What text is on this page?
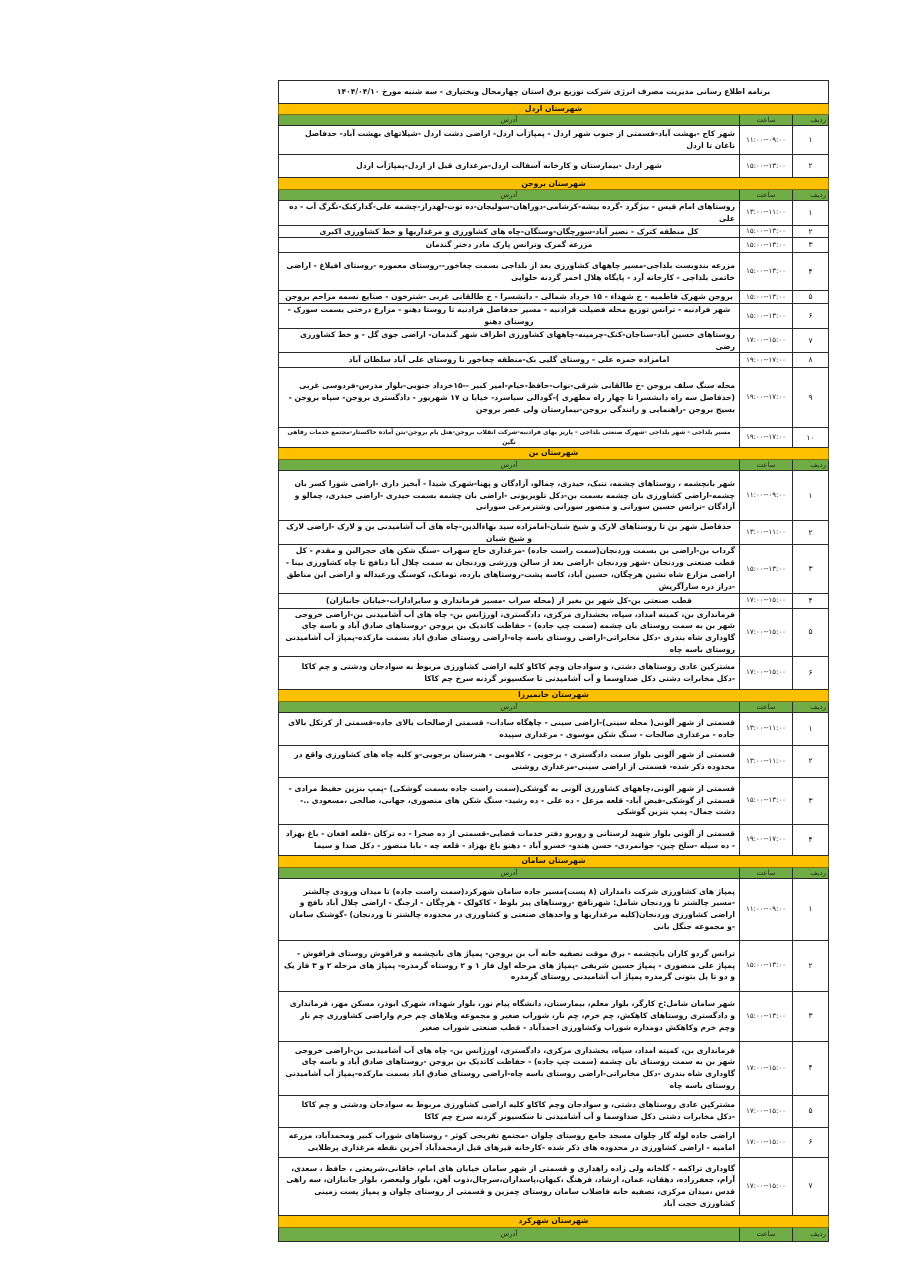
برنامه اطلاع رسانی مدیریت مصرف انرژی شرکت توزیع برق استان چهارمحال وبختیاری - سه شنبه مورخ ۱۴۰۴/۰۴/۱۰		
شهرستان اردل		
ردیف	ساعت	آدرس
۱	۰۹:۰۰--۱۱:۰۰	شهر کاج -بهشت آباد-قسمتی از جنوب شهر اردل - پمپاژآب اردل- اراضی دشت اردل -شیلاتهای بهشت آباد- حدفاصل ناغان تا اردل
۲	۱۳:۰۰--۱۵:۰۰	شهر اردل -بیمارستان و کارخانه آسفالت اردل-مرغداری قبل از اردل-پمپاژآب اردل
شهرستان بروجن		
ردیف	ساعت	آدرس
۱	۱۱:۰۰--۱۳:۰۰	روستاهای امام قیس - بیژگرد -گرده بیشه-کرشامی-دوراهان-سولیجان-ده توت-لهدراز-چشمه علی-گدارکبک-تگرگ آب - ده علی
۲	۱۳:۰۰--۱۵:۰۰	کل منطقه کترک - نصیر آباد-سورچگان-وستگان-چاه های کشاورزی و مرغداریها و خط کشاورزی اکبری
۳	۱۳:۰۰--۱۵:۰۰	مزرعه گمرک وترانس پارک مادر دختر گندمان
۴	۱۳:۰۰--۱۵:۰۰	مزرعه بندوبست بلداجی-مسیر چاههای کشاورزی بعد از بلداجی بسمت چغاخور--روستای معموره -روستای افیلاغ - اراضی خاتمی بلداجی - کارخانه آرد - پایگاه هلال احمر گردنه حلوایی
۵	۱۳:۰۰--۱۵:۰۰	بروجن شهرک فاطمیه - خ شهداء - ۱۵ خرداد شمالی - دانشسرا - خ طالقانی غربی -شترخون - صنایع نسمه مزاحم بروجن
۶	۱۳:۰۰--۱۵:۰۰	شهر فرادنبه - ترانس توزیع محله فضیلت فرادنبه - مسیر حدفاصل فرادنبه تا روستا دهنو - مزارع درختی بسمت سورک - روستای دهنو
۷	۱۵:۰۰--۱۷:۰۰	روستاهای حسین آباد-سناجان-کنک-چرمینه-چاههای کشاورزی اطراف شهر گندمان- اراضی جوی گل - و خط کشاورزی رضی
۸	۱۷:۰۰--۱۹:۰۰	امامزاده حمزه علی - روستای گلیی بک-منطقه چغاخور تا روستای علی آباد سلطان آباد
۹	۱۷:۰۰--۱۹:۰۰	محله سنگ سلف بروجن -خ طالقانی شرقی-نواب-حافظ-خیام-امیر کبیر --۱۵خرداد جنوبی-بلوار مدرس-فردوسی غربی (حدفاصل سه راه دانشسرا تا چهار راه مطهری )-گودالی سباسرد- خیابا ن ۱۷ شهریور - دادگستری بروجن- سپاه بروجن - بسیج بروجن -راهنمایی و رانندگی بروجن-بیمارستان ولی عصر بروجن
۱۰	۱۷:۰۰--۱۹:۰۰	مسیر بلداجی - شهر بلداجی -شهرک صنعتی بلداجی - پاریز بهای فرادنبه-شرکت انقلاب بروجن-هتل پام بروجن-بتن آماده خاکستار-مجتمع خدمات رفاهی نگین
شهرستان بن		
ردیف	ساعت	آدرس
۱	۰۹:۰۰--۱۱:۰۰	شهر بانچشمه ، روستاهای چشمه، تنبک، حیدری، چمالو، آزادگان و پهنا-شهرک شیدا - آبخیز داری -اراضی شورا کسر بان چشمه-اراضی کشاورزی بان چشمه بسمت بن-دکل تلویزیونی -اراضی بان چشمه بسمت حیدری -اراضی حیدری، چمالو و آزادگان -ترانس حسین سورانی و منصور سورانی وشترمرغی سورانی
۲	۱۱:۰۰--۱۳:۰۰	حدفاصل شهر بن تا روستاهای لارک و شیخ شبان-امامزاده سید بهاءالدین-چاه های آب آشامیدنی بن و لارک -اراضی لارک و شیخ شبان
۳	۱۳:۰۰--۱۵:۰۰	گرداب بن-اراضی بن بسمت وردنجان(سمت راست جاده) -مرغداری حاج سهراب -سنگ شکن های حجرالبن و مقدم - کل قطب صنعتی وردنجان -شهر وردنجان -اراضی بعد از سالن ورزشی وردنجان به سمت چلال آبا دنافچ تا چاه کشاورزی بینا - اراضی مزارع شاه نشین هرچگان، حسین آباد، کاسه پشت-روستاهای بارده، تومانک، کوسنگ ورعیداله و اراضی این مناطق -دراز دره سارآگریش
۴	۱۵:۰۰--۱۷:۰۰	قطب صنعتی بن-کل شهر بن بغیر از (محله سراب -مسیر فرمانداری و سایرادارات-خیابان جانبازان)
۵	۱۵:۰۰--۱۷:۰۰	فرمانداری بن، کمیته امداد، سپاه، بخشداری مرکزی، دادگستری، اورژانس بن- چاه های آب آشامیدنی بن-اراضی خروجی شهر بن به سمت روستای بان چشمه (سمت چپ جاده) - حفاظت کاتدیک بن بروجن -روستاهای صادق آباد و باسه چای گاوداری شاه بندری -دکل مخابراتی-اراضی روستای باسه چاه-اراضی روستای صادق اباد بسمت مارکده-پمپاژ آب آشامیدنی روستای باسه چاه
۶	۱۵:۰۰--۱۷:۰۰	مشترکین عادی روستاهای دشتی، و سوادجان وچم کاکاو کلیه اراضی کشاورزی مربوط به سوادجان ودشتی و چم کاکا -دکل مخابرات دشتی دکل صداوسما و آب آشامیدنی تا سکسیونر گردنه سرخ چم کاکا
شهرستان خانمیرزا		
ردیف	ساعت	آدرس
۱	۱۱:۰۰--۱۳:۰۰	قسمتی از شهر آلونی( محله سینی)-اراضی سینی - چاهگاه سادات- قسمتی ازصالحات بالای جاده-قسمتی از کرتکل بالای جاده - مرغداری صالحات - سنگ شکن موسوی - مرغداری سپیده
۲	۱۱:۰۰--۱۳:۰۰	قسمتی از شهر آلونی بلوار سمت دادگستری - برجویی - کلاموبی - هنرستان برجویی-و کلیه چاه های کشاورزی واقع در محدوده ذکر شده- قسمتی از اراضی سینی-مرغداری روشنی
۳	۱۳:۰۰--۱۵:۰۰	قسمتی از شهر آلونی،چاههای کشاورزی آلونی به گوشکی(سمت راست جاده بسمت گوشکی) -پمپ بنزین حفیظ مرادی - قسمتی از گوشکی-فیض آباد- قلعه مزعل - ده علی - ده رشید- سنگ شکن های منصوری، جهانی، صالحی ،مسعودی ..- دشت جمال- پمپ بنزین گوشکی
۴	۱۷:۰۰--۱۹:۰۰	قسمتی از آلونی بلوار شهید لرستانی و روبرو دفتر خدمات قضایی-قسمتی از ده صحرا - ده ترکان -قلعه افغان - باغ بهزاد - ده سیله -سلح چین- جوانمردی- حسن هندو- خسرو آباد - دهنو باغ بهزاد - قلعه چه - بابا منصور - دکل صدا و سیما
شهرستان سامان		
ردیف	ساعت	آدرس
۱	۰۹:۰۰--۱۱:۰۰	پمپاژ های کشاورزی شرکت دامداران (۸ پست)مسیر جاده سامان شهرکرد(سمت راست جاده) تا میدان ورودی چالشتر -مسیر چالشتر تا وردنجان شامل: شهرنافچ -روستاهای پیر بلوط - کاکولک - هرچگان - ارجنگ - اراضی چلال آباد نافچ و اراضی کشاورزی وردنجان(کلیه مرغداریها و واحدهای صنعتی و کشاورزی در محدوده چالشتر تا وردنجان) -گوشتک سامان -و مجموعه جنگل بانی
۲	۱۳:۰۰--۱۵:۰۰	ترانس گردو کاران بانچشمه - برق موقت تصفیه خانه آب بن بروجن- پمپاژ های بانچشمه و فرافوش روستای فرافوش - پمپاژ علی منصوری - پمپاژ حسین شریفی -پمپاژ های مرحله اول فاز ۱ و ۲ روستاه گرمدره- پمپاژ های مرحله ۲ و ۳ فاز یک و دو تا پل بتونی گرمدره پمپاژ آب آشامیدنی روستای گرمدره
۳	۱۳:۰۰--۱۵:۰۰	شهر سامان شامل:خ کارگر، بلوار معلم، بیمارستان، دانشگاه پیام نور، بلوار شهداء، شهرک ابوذر، مسکن مهر، فرمانداری و دادگستری روستاهای کاهکش، چم خرم، چم نار، شوراب صغیر و مجموعه ویلاهای چم خرم واراضی کشاورزی چم نار وچم خرم وکاهکش دومداره شوراب وکشاورزی احمدآباد - قطب صنعتی شوراب صغیر
۴	۱۵:۰۰--۱۷:۰۰	فرمانداری بن، کمیته امداد، سپاه، بخشداری مرکزی، دادگستری، اورژانس بن- چاه های آب آشامیدنی بن-اراضی خروجی شهر بن به سمت روستای بان چشمه (سمت چپ جاده) - حفاظت کاتدیک بن بروجن -روستاهای صادق آباد و باسه چای گاوداری شاه بندری -دکل مخابراتی-اراضی روستای باسه چاه-اراضی روستای صادق اباد بسمت مارکده-پمپاژ آب آشامیدنی روستای باسه چاه
۵	۱۵:۰۰--۱۷:۰۰	مشترکین عادی روستاهای دشتی، و سوادجان وچم کاکاو کلیه اراضی کشاورزی مربوط به سوادجان ودشتی و چم کاکا -دکل مخابرات دشتی دکل صداوسما و آب آشامیدنی تا سکسیونر گردنه سرخ چم کاکا
۶	۱۵:۰۰--۱۷:۰۰	اراضی جاده لوله گاز چلوان مسجد جامع روستای چلوان -مجتمع تفریحی کوثر - روستاهای شوراب کبیر ومحمدآباد، مزرعه امامیه - اراضی کشاورزی در محدوده های ذکر شده -کارخانه قیرهای قبل ازمحمدآباد آخرین نقطه مرغداری پرطلایی
۷	۱۵:۰۰--۱۷:۰۰	گاوداری تراکمه - گلخانه ولی زاده راهداری و قسمتی از شهر سامان خیابان های امام، خاقانی،شریعتی ، حافظ ، سعدی، آرام، جعفرزاده، دهقان، عمان، ارشاد، فرهنگ ،کیهان،پاسداران،سرچال،ذوب آهن، بلوار ولیعصر، بلوار جانبازان، سه راهی قدس ،میدان مرکزی، تصفیه خانه فاضلاب سامان روستای چمزین و قسمتی از روستای چلوان و پمپاژ پست زمینی کشاورزی حجت آباد
شهرستان شهرکرد		
ردیف	ساعت	آدرس
